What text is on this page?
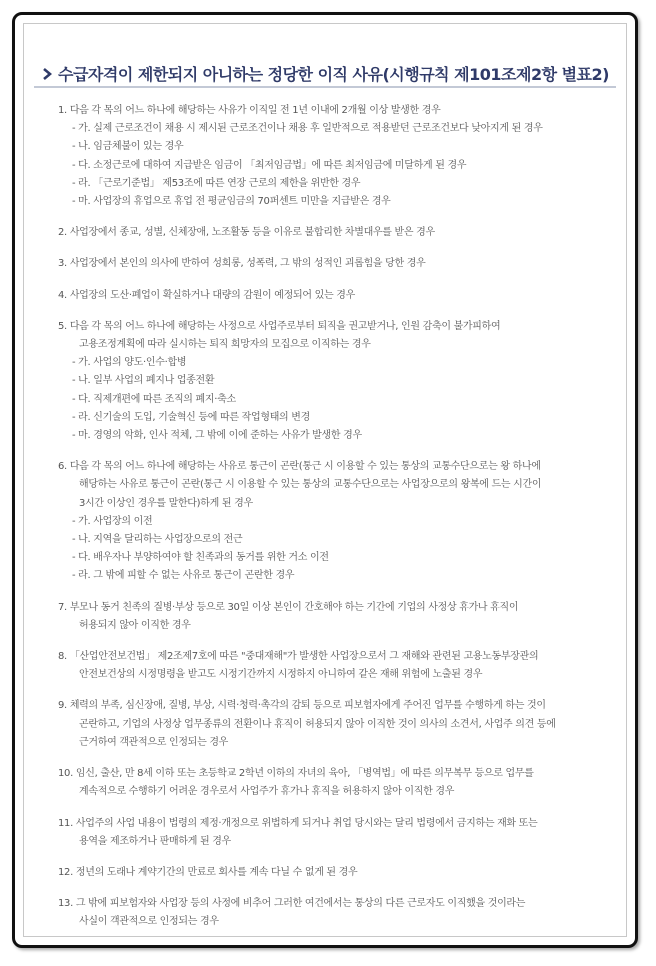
수급자격이 제한되지 아니하는 정당한 이직 사유(시행규칙 제101조제2항 별표2)
1. 다음 각 목의 어느 하나에 해당하는 사유가 이직일 전 1년 이내에 2개월 이상 발생한 경우
- 가. 실제 근로조건이 채용 시 제시된 근로조건이나 채용 후 일반적으로 적용받던 근로조건보다 낮아지게 된 경우
- 나. 임금체불이 있는 경우
- 다. 소정근로에 대하여 지급받은 임금이 「최저임금법」에 따른 최저임금에 미달하게 된 경우
- 라. 「근로기준법」 제53조에 따른 연장 근로의 제한을 위반한 경우
- 마. 사업장의 휴업으로 휴업 전 평균임금의 70퍼센트 미만을 지급받은 경우
2. 사업장에서 종교, 성별, 신체장애, 노조활동 등을 이유로 불합리한 차별대우를 받은 경우
3. 사업장에서 본인의 의사에 반하여 성희롱, 성폭력, 그 밖의 성적인 괴롭힘을 당한 경우
4. 사업장의 도산·폐업이 확실하거나 대량의 감원이 예정되어 있는 경우
5. 다음 각 목의 어느 하나에 해당하는 사정으로 사업주로부터 퇴직을 권고받거나, 인원 감축이 불가피하여
고용조정계획에 따라 실시하는 퇴직 희망자의 모집으로 이직하는 경우
- 가. 사업의 양도·인수·합병
- 나. 일부 사업의 폐지나 업종전환
- 다. 직제개편에 따른 조직의 폐지·축소
- 라. 신기술의 도입, 기술혁신 등에 따른 작업형태의 변경
- 마. 경영의 악화, 인사 적체, 그 밖에 이에 준하는 사유가 발생한 경우
6. 다음 각 목의 어느 하나에 해당하는 사유로 통근이 곤란(통근 시 이용할 수 있는 통상의 교통수단으로는 왕 하나에
해당하는 사유로 통근이 곤란(통근 시 이용할 수 있는 통상의 교통수단으로는 사업장으로의 왕복에 드는 시간이
3시간 이상인 경우를 말한다)하게 된 경우
- 가. 사업장의 이전
- 나. 지역을 달리하는 사업장으로의 전근
- 다. 배우자나 부양하여야 할 친족과의 동거를 위한 거소 이전
- 라. 그 밖에 피할 수 없는 사유로 통근이 곤란한 경우
7. 부모나 동거 친족의 질병·부상 등으로 30일 이상 본인이 간호해야 하는 기간에 기업의 사정상 휴가나 휴직이
허용되지 않아 이직한 경우
8. 「산업안전보건법」 제2조제7호에 따른 "중대재해"가 발생한 사업장으로서 그 재해와 관련된 고용노동부장관의
안전보건상의 시정명령을 받고도 시정기간까지 시정하지 아니하여 같은 재해 위험에 노출된 경우
9. 체력의 부족, 심신장애, 질병, 부상, 시력·청력·촉각의 감퇴 등으로 피보험자에게 주어진 업무를 수행하게 하는 것이
곤란하고, 기업의 사정상 업무종류의 전환이나 휴직이 허용되지 않아 이직한 것이 의사의 소견서, 사업주 의견 등에
근거하여 객관적으로 인정되는 경우
10. 임신, 출산, 만 8세 이하 또는 초등학교 2학년 이하의 자녀의 육아, 「병역법」에 따른 의무복무 등으로 업무를
계속적으로 수행하기 어려운 경우로서 사업주가 휴가나 휴직을 허용하지 않아 이직한 경우
11. 사업주의 사업 내용이 법령의 제정·개정으로 위법하게 되거나 취업 당시와는 달리 법령에서 금지하는 재화 또는
용역을 제조하거나 판매하게 된 경우
12. 정년의 도래나 계약기간의 만료로 회사를 계속 다닐 수 없게 된 경우
13. 그 밖에 피보험자와 사업장 등의 사정에 비추어 그러한 여건에서는 통상의 다른 근로자도 이직했을 것이라는
사실이 객관적으로 인정되는 경우
